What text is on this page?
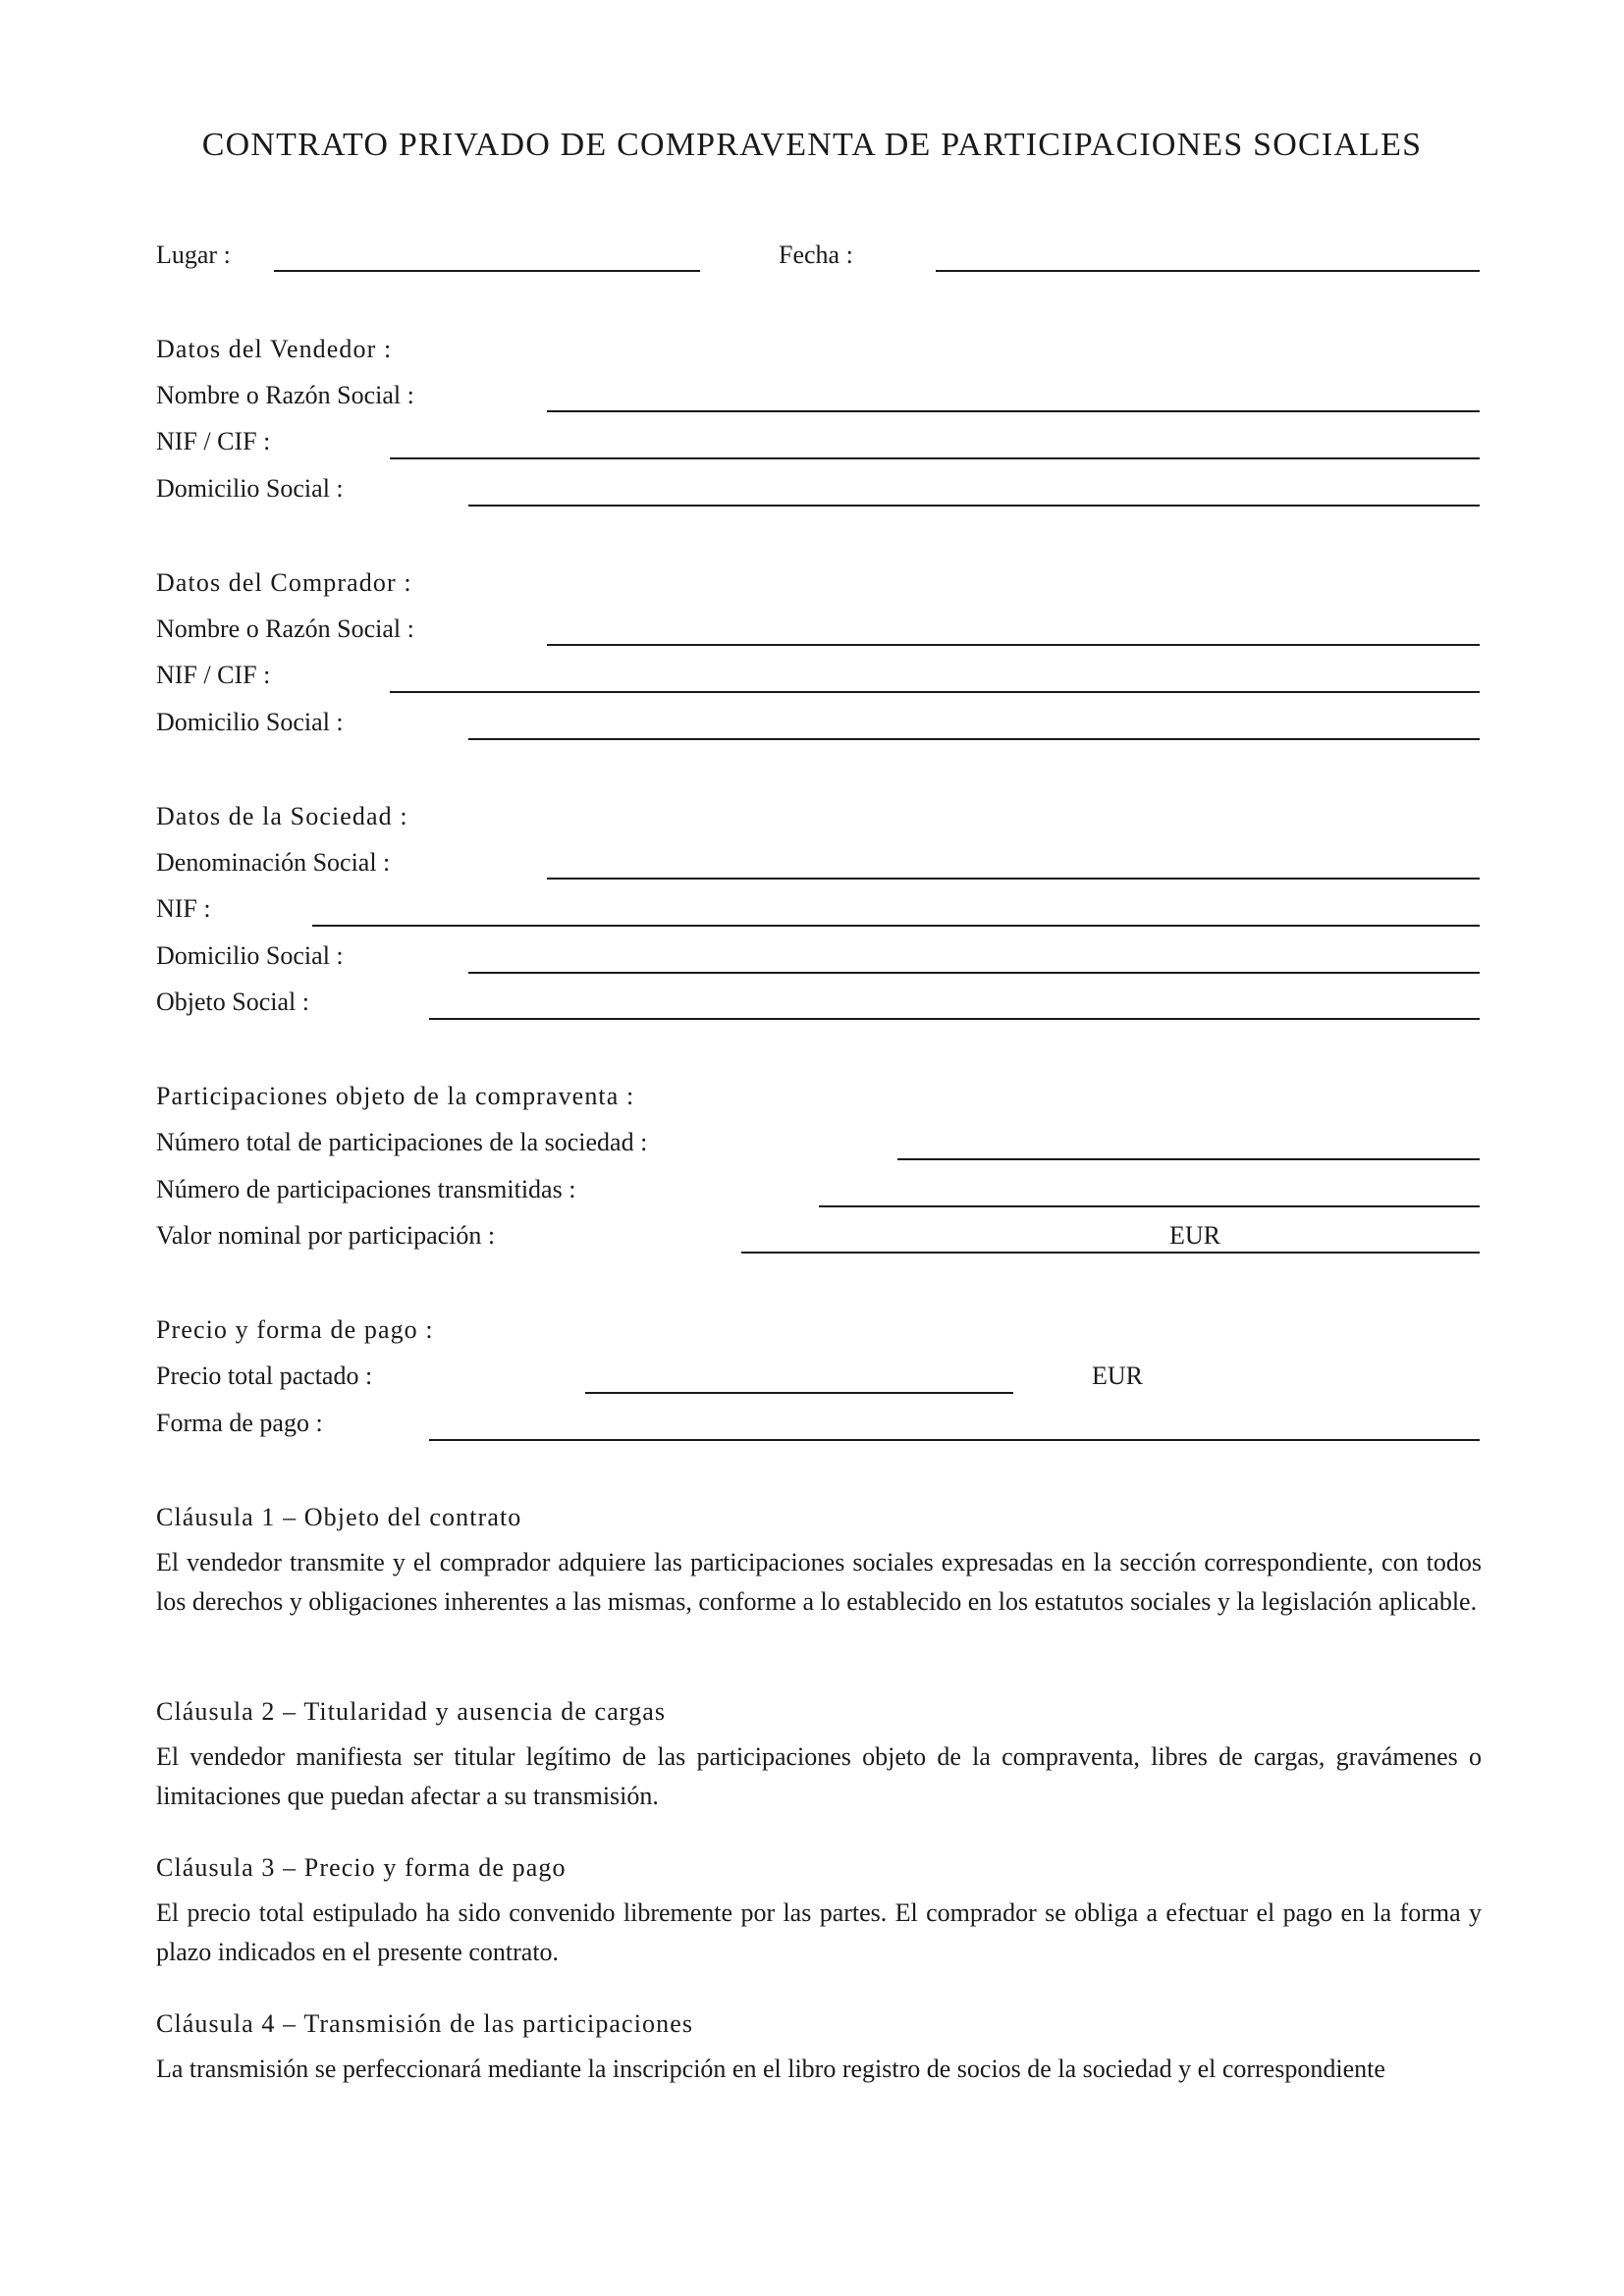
CONTRATO PRIVADO DE COMPRAVENTA DE PARTICIPACIONES SOCIALES
Lugar :	Fecha :
Datos del Vendedor :
Nombre o Razón Social :
NIF / CIF :
Domicilio Social :
Datos del Comprador :
Nombre o Razón Social :
NIF / CIF :
Domicilio Social :
Datos de la Sociedad :
Denominación Social :
NIF :
Domicilio Social :
Objeto Social :
Participaciones objeto de la compraventa :
Número total de participaciones de la sociedad :
Número de participaciones transmitidas :
Valor nominal por participación :	EUR
Precio y forma de pago :
Precio total pactado :	EUR
Forma de pago :
Cláusula 1 – Objeto del contrato
El vendedor transmite y el comprador adquiere las participaciones sociales expresadas en la sección correspondiente, con todos los derechos y obligaciones inherentes a las mismas, conforme a lo establecido en los estatutos sociales y la legislación aplicable.
Cláusula 2 – Titularidad y ausencia de cargas
El vendedor manifiesta ser titular legítimo de las participaciones objeto de la compraventa, libres de cargas, gravámenes o limitaciones que puedan afectar a su transmisión.
Cláusula 3 – Precio y forma de pago
El precio total estipulado ha sido convenido libremente por las partes. El comprador se obliga a efectuar el pago en la forma y plazo indicados en el presente contrato.
Cláusula 4 – Transmisión de las participaciones
La transmisión se perfeccionará mediante la inscripción en el libro registro de socios de la sociedad y el correspondiente
